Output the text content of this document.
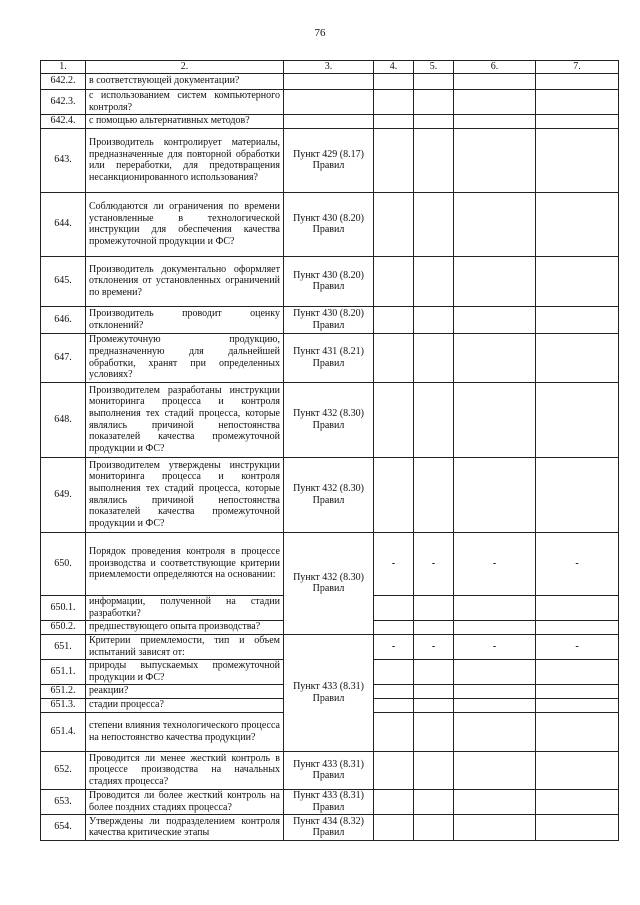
76
1.	2.	3.	4.	5.	6.	7.
642.2.	в соответствующей документации?					
642.3.	с использованием систем компьютерного контроля?					
642.4.	с помощью альтернативных методов?					
643.	Производитель контролирует материалы, предназначенные для повторной обработки или переработки, для предотвращения несанкционированного использования?	Пункт 429 (8.17) Правил				
644.	Соблюдаются ли ограничения по времени установленные в технологической инструкции для обеспечения качества промежуточной продукции и ФС?	Пункт 430 (8.20) Правил				
645.	Производитель документально оформляет отклонения от установленных ограничений по времени?	Пункт 430 (8.20) Правил				
646.	Производитель проводит оценку отклонений?	Пункт 430 (8.20) Правил				
647.	Промежуточную продукцию, предназначенную для дальнейшей обработки, хранят при определенных условиях?	Пункт 431 (8.21) Правил				
648.	Производителем разработаны инструкции мониторинга процесса и контроля выполнения тех стадий процесса, которые являлись причиной непостоянства показателей качества промежуточной продукции и ФС?	Пункт 432 (8.30) Правил				
649.	Производителем утверждены инструкции мониторинга процесса и контроля выполнения тех стадий процесса, которые являлись причиной непостоянства показателей качества промежуточной продукции и ФС?	Пункт 432 (8.30) Правил				
650.	Порядок проведения контроля в процессе производства и соответствующие критерии приемлемости определяются на основании:	Пункт 432 (8.30) Правил	-	-	-	-
650.1.	информации, полученной на стадии разработки?					
650.2.	предшествующего опыта производства?					
651.	Критерии приемлемости, тип и объем испытаний зависят от:	Пункт 433 (8.31) Правил	-	-	-	-
651.1.	природы выпускаемых промежуточной продукции и ФС?					
651.2.	реакции?					
651.3.	стадии процесса?					
651.4.	степени влияния технологического процесса на непостоянство качества продукции?					
652.	Проводится ли менее жесткий контроль в процессе производства на начальных стадиях процесса?	Пункт 433 (8.31) Правил				
653.	Проводится ли более жесткий контроль на более поздних стадиях процесса?	Пункт 433 (8.31) Правил				
654.	Утверждены ли подразделением контроля качества критические этапы	Пункт 434 (8.32) Правил				
